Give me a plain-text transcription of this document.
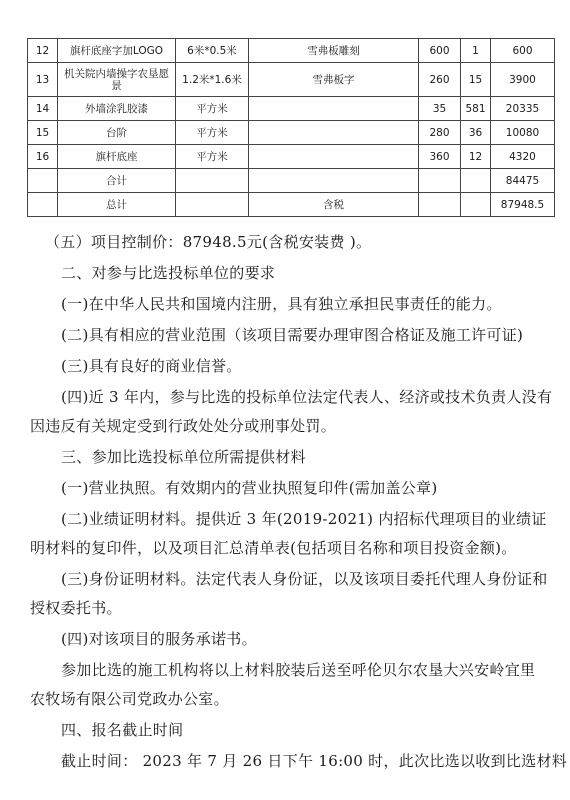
12	旗杆底座字加LOGO	6米*0.5米	雪弗板雕刻	600	1	600
13	机关院内墙操字农垦愿景	1.2米*1.6米	雪弗板字	260	15	3900
14	外墙涂乳胶漆	平方米		35	581	20335
15	台阶	平方米		280	36	10080
16	旗杆底座	平方米		360	12	4320
	合计					84475
	总计		含税			87948.5
（五）项目控制价：87948.5元(含税安装费 )。
二、对参与比选投标单位的要求
(一)在中华人民共和国境内注册，具有独立承担民事责任的能力。
(二)具有相应的营业范围（该项目需要办理审图合格证及施工许可证)
(三)具有良好的商业信誉。
(四)近 3 年内，参与比选的投标单位法定代表人、经济或技术负责人没有
因违反有关规定受到行政处处分或刑事处罚。
三、参加比选投标单位所需提供材料
(一)营业执照。有效期内的营业执照复印件(需加盖公章)
(二)业绩证明材料。提供近 3 年(2019-2021) 内招标代理项目的业绩证
明材料的复印件，以及项目汇总清单表(包括项目名称和项目投资金额)。
(三)身份证明材料。法定代表人身份证，以及该项目委托代理人身份证和
授权委托书。
(四)对该项目的服务承诺书。
参加比选的施工机构将以上材料胶装后送至呼伦贝尔农垦大兴安岭宜里
农牧场有限公司党政办公室。
四、报名截止时间
截止时间： 2023 年 7 月 26 日下午 16:00 时，此次比选以收到比选材料
